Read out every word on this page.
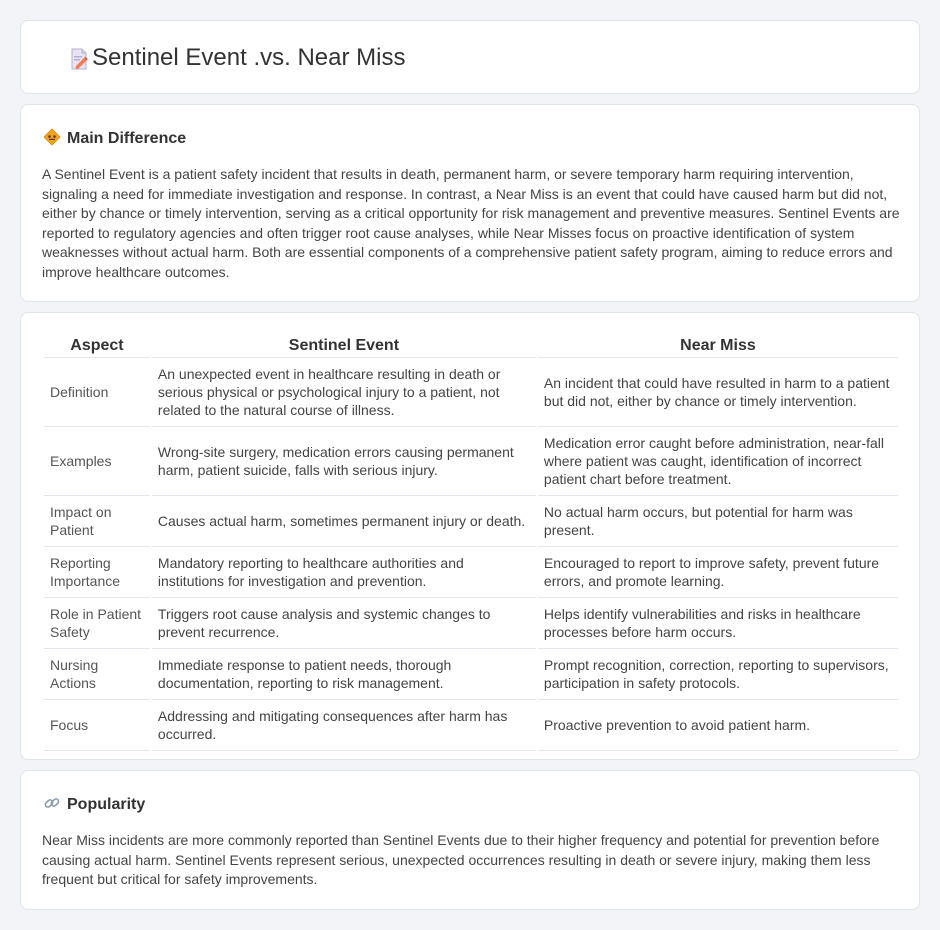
Sentinel Event .vs. Near Miss
Main Difference
A Sentinel Event is a patient safety incident that results in death, permanent harm, or severe temporary harm requiring intervention, signaling a need for immediate investigation and response. In contrast, a Near Miss is an event that could have caused harm but did not, either by chance or timely intervention, serving as a critical opportunity for risk management and preventive measures. Sentinel Events are reported to regulatory agencies and often trigger root cause analyses, while Near Misses focus on proactive identification of system weaknesses without actual harm. Both are essential components of a comprehensive patient safety program, aiming to reduce errors and improve healthcare outcomes.
Aspect	Sentinel Event	Near Miss
Definition	An unexpected event in healthcare resulting in death or serious physical or psychological injury to a patient, not related to the natural course of illness.	An incident that could have resulted in harm to a patient but did not, either by chance or timely intervention.
Examples	Wrong-site surgery, medication errors causing permanent harm, patient suicide, falls with serious injury.	Medication error caught before administration, near-fall where patient was caught, identification of incorrect patient chart before treatment.
Impact on Patient	Causes actual harm, sometimes permanent injury or death.	No actual harm occurs, but potential for harm was present.
Reporting Importance	Mandatory reporting to healthcare authorities and institutions for investigation and prevention.	Encouraged to report to improve safety, prevent future errors, and promote learning.
Role in Patient Safety	Triggers root cause analysis and systemic changes to prevent recurrence.	Helps identify vulnerabilities and risks in healthcare processes before harm occurs.
Nursing Actions	Immediate response to patient needs, thorough documentation, reporting to risk management.	Prompt recognition, correction, reporting to supervisors, participation in safety protocols.
Focus	Addressing and mitigating consequences after harm has occurred.	Proactive prevention to avoid patient harm.
Popularity
Near Miss incidents are more commonly reported than Sentinel Events due to their higher frequency and potential for prevention before causing actual harm. Sentinel Events represent serious, unexpected occurrences resulting in death or severe injury, making them less frequent but critical for safety improvements.
